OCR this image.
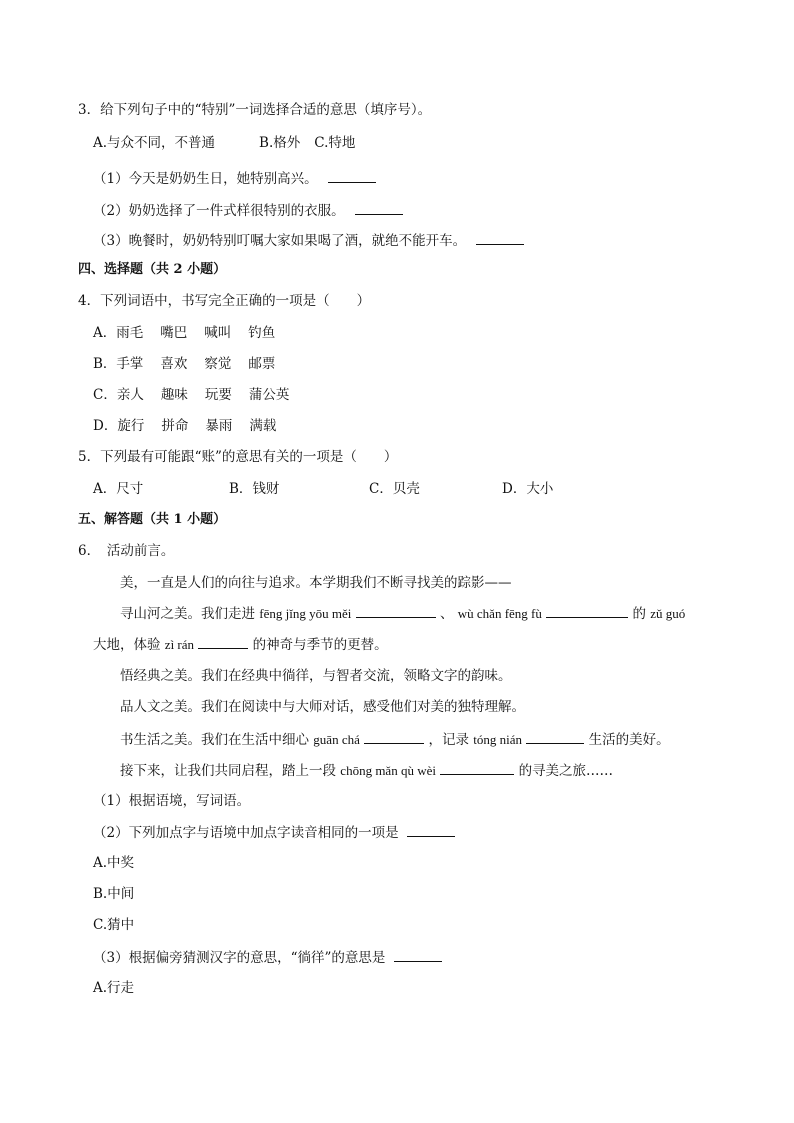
3．给下列句子中的“特别”一词选择合适的意思（填序号）。
A.与众不同，不普通	B.格外 C.特地
（1）今天是奶奶生日，她特别高兴。
（2）奶奶选择了一件式样很特别的衣服。
（3）晚餐时，奶奶特别叮嘱大家如果喝了酒，就绝不能开车。
四、选择题（共 2 小题）
4．下列词语中，书写完全正确的一项是（　　）
A．雨毛 嘴巴 喊叫 钓鱼
B．手掌 喜欢 察觉 邮票
C．亲人 趣味 玩要 蒲公英
D．旋行 拼命 暴雨 满载
5．下列最有可能跟“账”的意思有关的一项是（　　）
A．尺寸	B．钱财	C．贝壳	D．大小
五、解答题（共 1 小题）
6．　活动前言。
美，一直是人们的向往与追求。本学期我们不断寻找美的踪影——
寻山河之美。我们走进 fēng jǐng yōu měi	、 wù chǎn fēng fù	的 zǔ guó
大地，体验 zì rán	的神奇与季节的更替。
悟经典之美。我们在经典中徜徉，与智者交流，领略文字的韵味。
品人文之美。我们在阅读中与大师对话，感受他们对美的独特理解。
书生活之美。我们在生活中细心 guān chá	，记录 tóng nián	生活的美好。
接下来，让我们共同启程，踏上一段 chōng mǎn qù wèi	的寻美之旅……
（1）根据语境，写词语。
（2）下列加点字与语境中加点字读音相同的一项是
A.中奖
B.中间
C.猜中
（3）根据偏旁猜测汉字的意思，“徜徉”的意思是
A.行走
